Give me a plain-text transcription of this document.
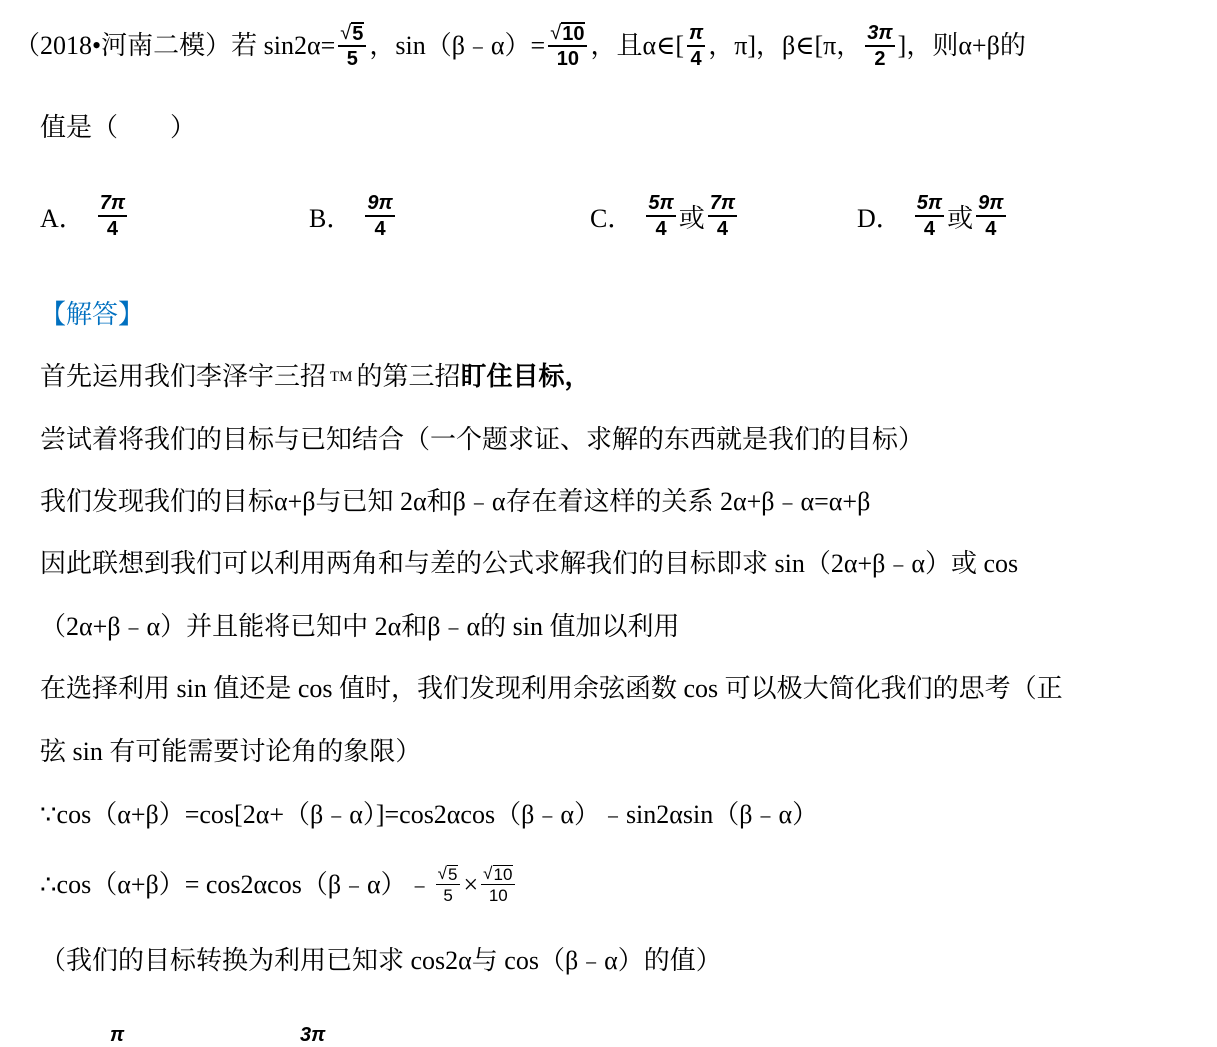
（2018•河南二模） 若 $\sin 2\alpha= \frac{√ 5}{5}$ ，sin（β﹣α）= $\frac{√ 10}{10}$ ，且α∈[ $\frac{\pi}{4}$ ，π]，β∈[π， $\frac{3\pi}{2}$ ]，则α+β的
值是（　　）
A． $\frac{7\pi}{4}$	B． $\frac{9\pi}{4}$	C． $\frac{5\pi}{4}$ 或 $\frac{7\pi}{4}$	D． $\frac{5\pi}{4}$ 或 $\frac{9\pi}{4}$
【解答】
首先运用我们李泽宇三招 TM 的第三招 盯住目标，
尝试着将我们的目标与已知结合（一个题求证、求解的东西就是我们的目标）
我们发现我们的目标α+β与已知 2α和β﹣α存在着这样的关系 2α+β﹣α=α+β
因此联想到我们可以利用两角和与差的公式求解我们的目标即求 sin（2α+β﹣α）或 cos
（2α+β﹣α）并且能将已知中 2α和β﹣α的 sin 值加以利用
在选择利用 sin 值还是 cos 值时，我们发现利用余弦函数 cos 可以极大简化我们的思考（正
弦 sin 有可能需要讨论角的象限）
∵cos（α+β）=cos[2α+（β﹣α）]=cos2αcos（β﹣α）﹣sin2αsin（β﹣α）
∴cos（α+β）= cos2αcos（β﹣α）﹣ $\frac{√ 5}{5} \times \frac{√ 10}{10}$
（我们的目标转换为利用已知求 cos2α与 cos（β﹣α）的值）
π	3π
